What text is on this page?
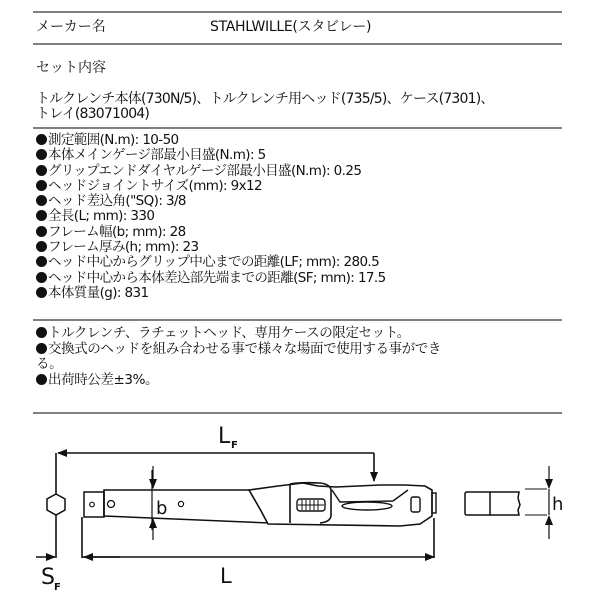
メーカー名	STAHLWILLE(スタビレー)
セット内容
トルクレンチ本体(730N/5)、トルクレンチ用ヘッド(735/5)、ケース(7301)、
トレイ(83071004)
測定範囲(N.m): 10-50
本体メインゲージ部最小目盛(N.m): 5
グリップエンドダイヤルゲージ部最小目盛(N.m): 0.25
ヘッドジョイントサイズ(mm): 9x12
ヘッド差込角("SQ): 3/8
全長(L; mm): 330
フレーム幅(b; mm): 28
フレーム厚み(h; mm): 23
ヘッド中心からグリップ中心までの距離(LF; mm): 280.5
ヘッド中心から本体差込部先端までの距離(SF; mm): 17.5
本体質量(g): 831
トルクレンチ、ラチェットヘッド、専用ケースの限定セット。
交換式のヘッドを組み合わせる事で様々な場面で使用する事ができ
る。
出荷時公差±3%。
L F
b
L
S F
h
